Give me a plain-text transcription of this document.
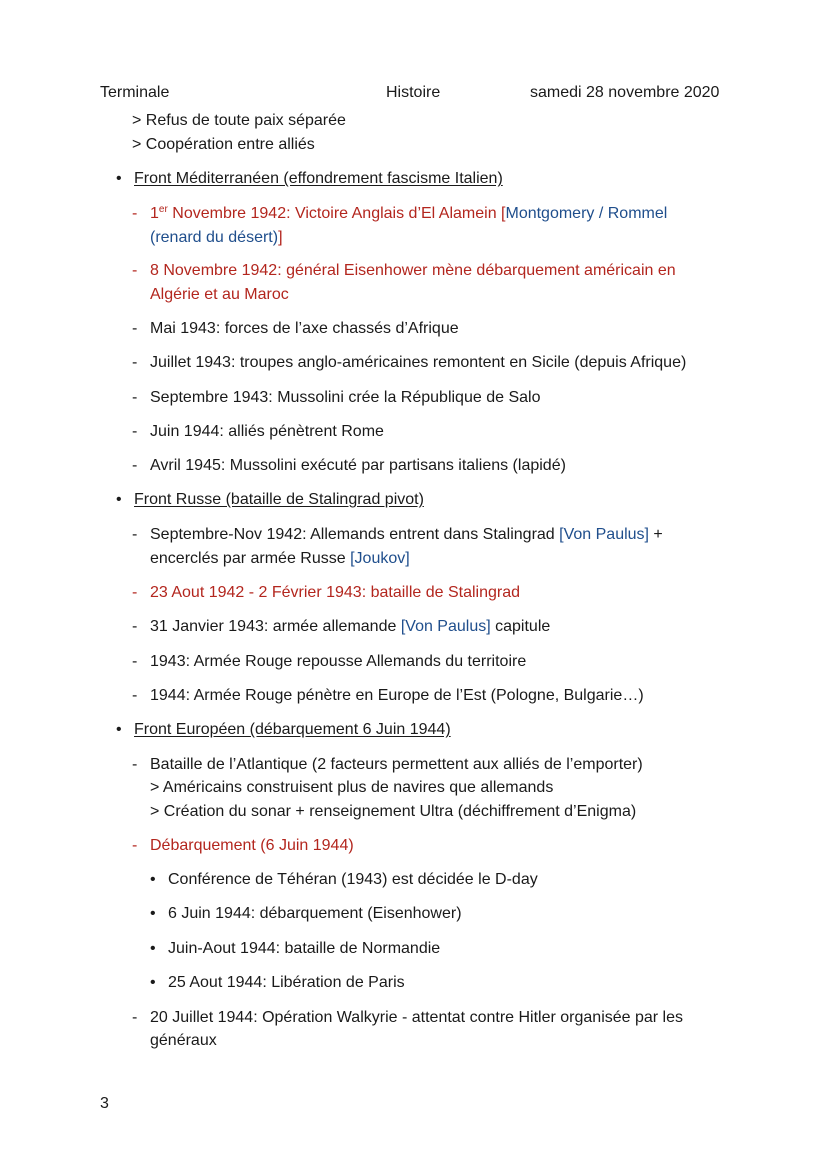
Terminale	Histoire	samedi 28 novembre 2020
> Refus de toute paix séparée
> Coopération entre alliés
• Front Méditerranéen (effondrement fascisme Italien)
- 1er Novembre 1942: Victoire Anglais d’El Alamein [Montgomery / Rommel
(renard du désert)]
- 8 Novembre 1942: général Eisenhower mène débarquement américain en
Algérie et au Maroc
- Mai 1943: forces de l’axe chassés d’Afrique
- Juillet 1943: troupes anglo-américaines remontent en Sicile (depuis Afrique)
- Septembre 1943: Mussolini crée la République de Salo
- Juin 1944: alliés pénètrent Rome
- Avril 1945: Mussolini exécuté par partisans italiens (lapidé)
• Front Russe (bataille de Stalingrad pivot)
- Septembre-Nov 1942: Allemands entrent dans Stalingrad [Von Paulus] +
encerclés par armée Russe [Joukov]
- 23 Aout 1942 - 2 Février 1943: bataille de Stalingrad
- 31 Janvier 1943: armée allemande [Von Paulus] capitule
- 1943: Armée Rouge repousse Allemands du territoire
- 1944: Armée Rouge pénètre en Europe de l’Est (Pologne, Bulgarie…)
• Front Européen (débarquement 6 Juin 1944)
- Bataille de l’Atlantique (2 facteurs permettent aux alliés de l’emporter)
> Américains construisent plus de navires que allemands
> Création du sonar + renseignement Ultra (déchiffrement d’Enigma)
- Débarquement (6 Juin 1944)
• Conférence de Téhéran (1943) est décidée le D-day
• 6 Juin 1944: débarquement (Eisenhower)
• Juin-Aout 1944: bataille de Normandie
• 25 Aout 1944: Libération de Paris
- 20 Juillet 1944: Opération Walkyrie - attentat contre Hitler organisée par les
généraux
3
